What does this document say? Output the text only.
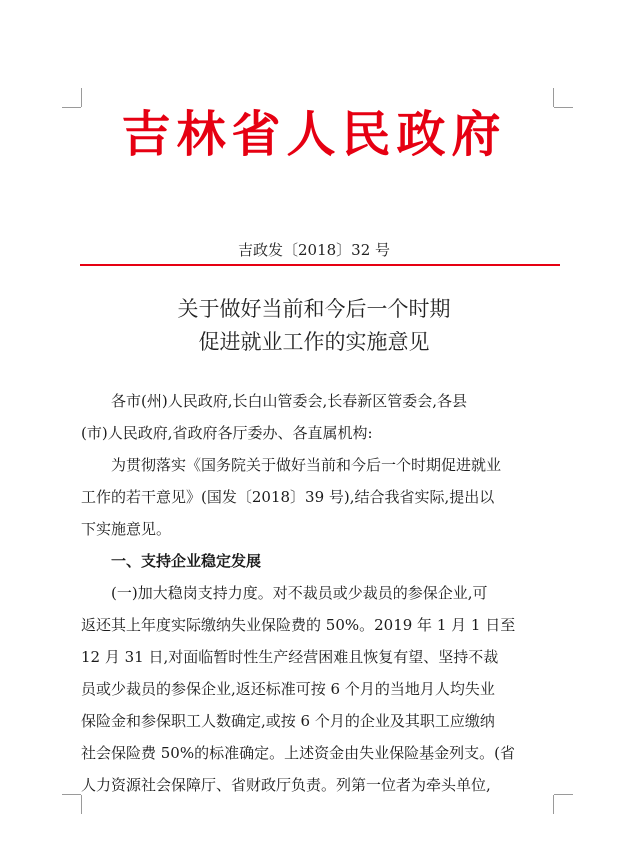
吉林省人民政府
吉政发〔2018〕32 号
关于做好当前和今后一个时期
促进就业工作的实施意见

各市(州)人民政府,长白山管委会,长春新区管委会,各县

(市)人民政府,省政府各厅委办、各直属机构:

为贯彻落实《国务院关于做好当前和今后一个时期促进就业

工作的若干意见》(国发〔2018〕39 号),结合我省实际,提出以
下实施意见。

一、支持企业稳定发展

(一)加大稳岗支持力度。对不裁员或少裁员的参保企业,可

返还其上年度实际缴纳失业保险费的 50%。2019 年 1 月 1 日至
12 月 31 日,对面临暂时性生产经营困难且恢复有望、坚持不裁
员或少裁员的参保企业,返还标准可按 6 个月的当地月人均失业
保险金和参保职工人数确定,或按 6 个月的企业及其职工应缴纳
社会保险费 50%的标准确定。上述资金由失业保险基金列支。(省
人力资源社会保障厅、省财政厅负责。列第一位者为牵头单位,
